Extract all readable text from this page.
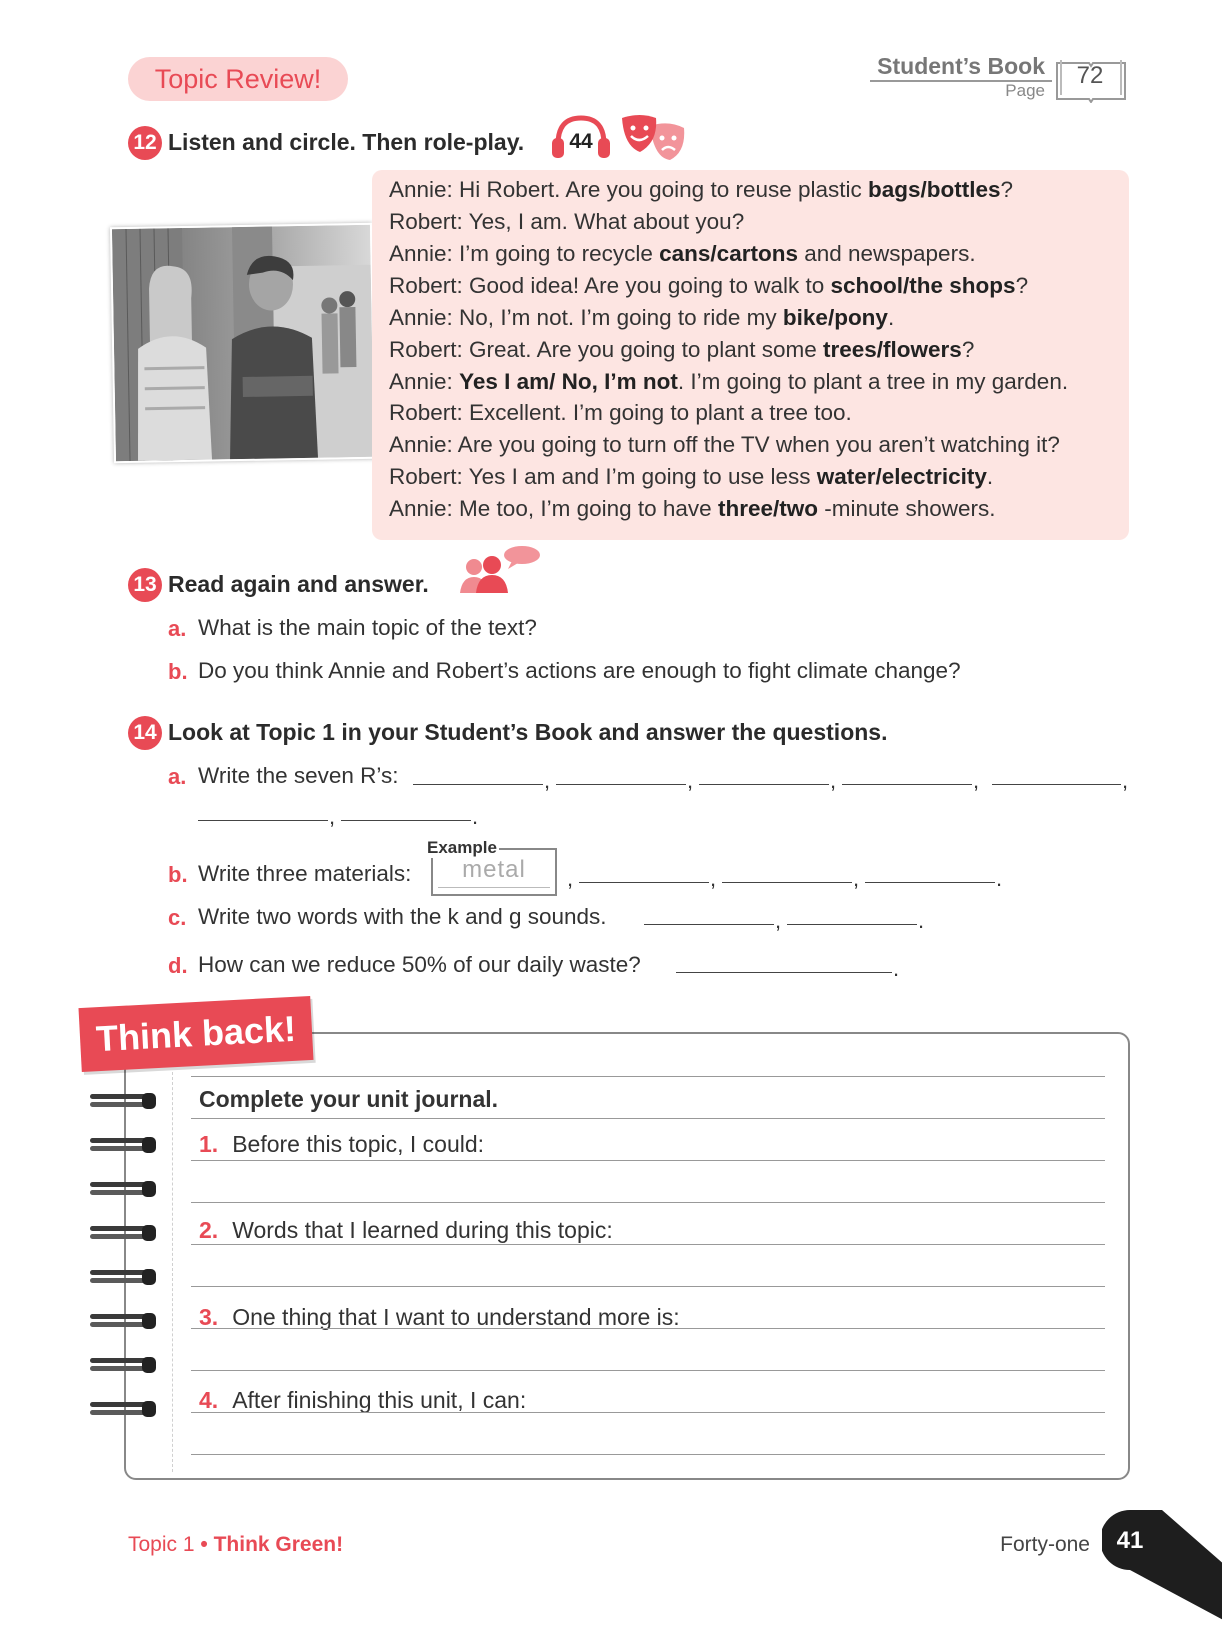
Topic Review!	Student’s Book
Page
72
12 Listen and circle. Then role-play.	44
Annie: Hi Robert. Are you going to reuse plastic bags/bottles?
Robert: Yes, I am. What about you?
Annie: I’m going to recycle cans/cartons and newspapers.
Robert: Good idea! Are you going to walk to school/the shops?
Annie: No, I’m not. I’m going to ride my bike/pony.
Robert: Great. Are you going to plant some trees/flowers?
Annie: Yes I am/ No, I’m not. I’m going to plant a tree in my garden.
Robert: Excellent. I’m going to plant a tree too.
Annie: Are you going to turn off the TV when you aren’t watching it?
Robert: Yes I am and I’m going to use less water/electricity.
Annie: Me too, I’m going to have three/two -minute showers.
13 Read again and answer.
a. What is the main topic of the text?
b. Do you think Annie and Robert’s actions are enough to fight climate change?
14 Look at Topic 1 in your Student’s Book and answer the questions.
a. Write the seven R’s:	,	,	,	,	,
,	.
b. Write three materials:
Example
metal	,	,	,	.
c. Write two words with the k and g sounds.	,	.
d. How can we reduce 50% of our daily waste?	.
Think back!
Complete your unit journal.
1. Before this topic, I could:
2. Words that I learned during this topic:
3. One thing that I want to understand more is:
4. After finishing this unit, I can:
Topic 1 • Think Green!	Forty-one	41
